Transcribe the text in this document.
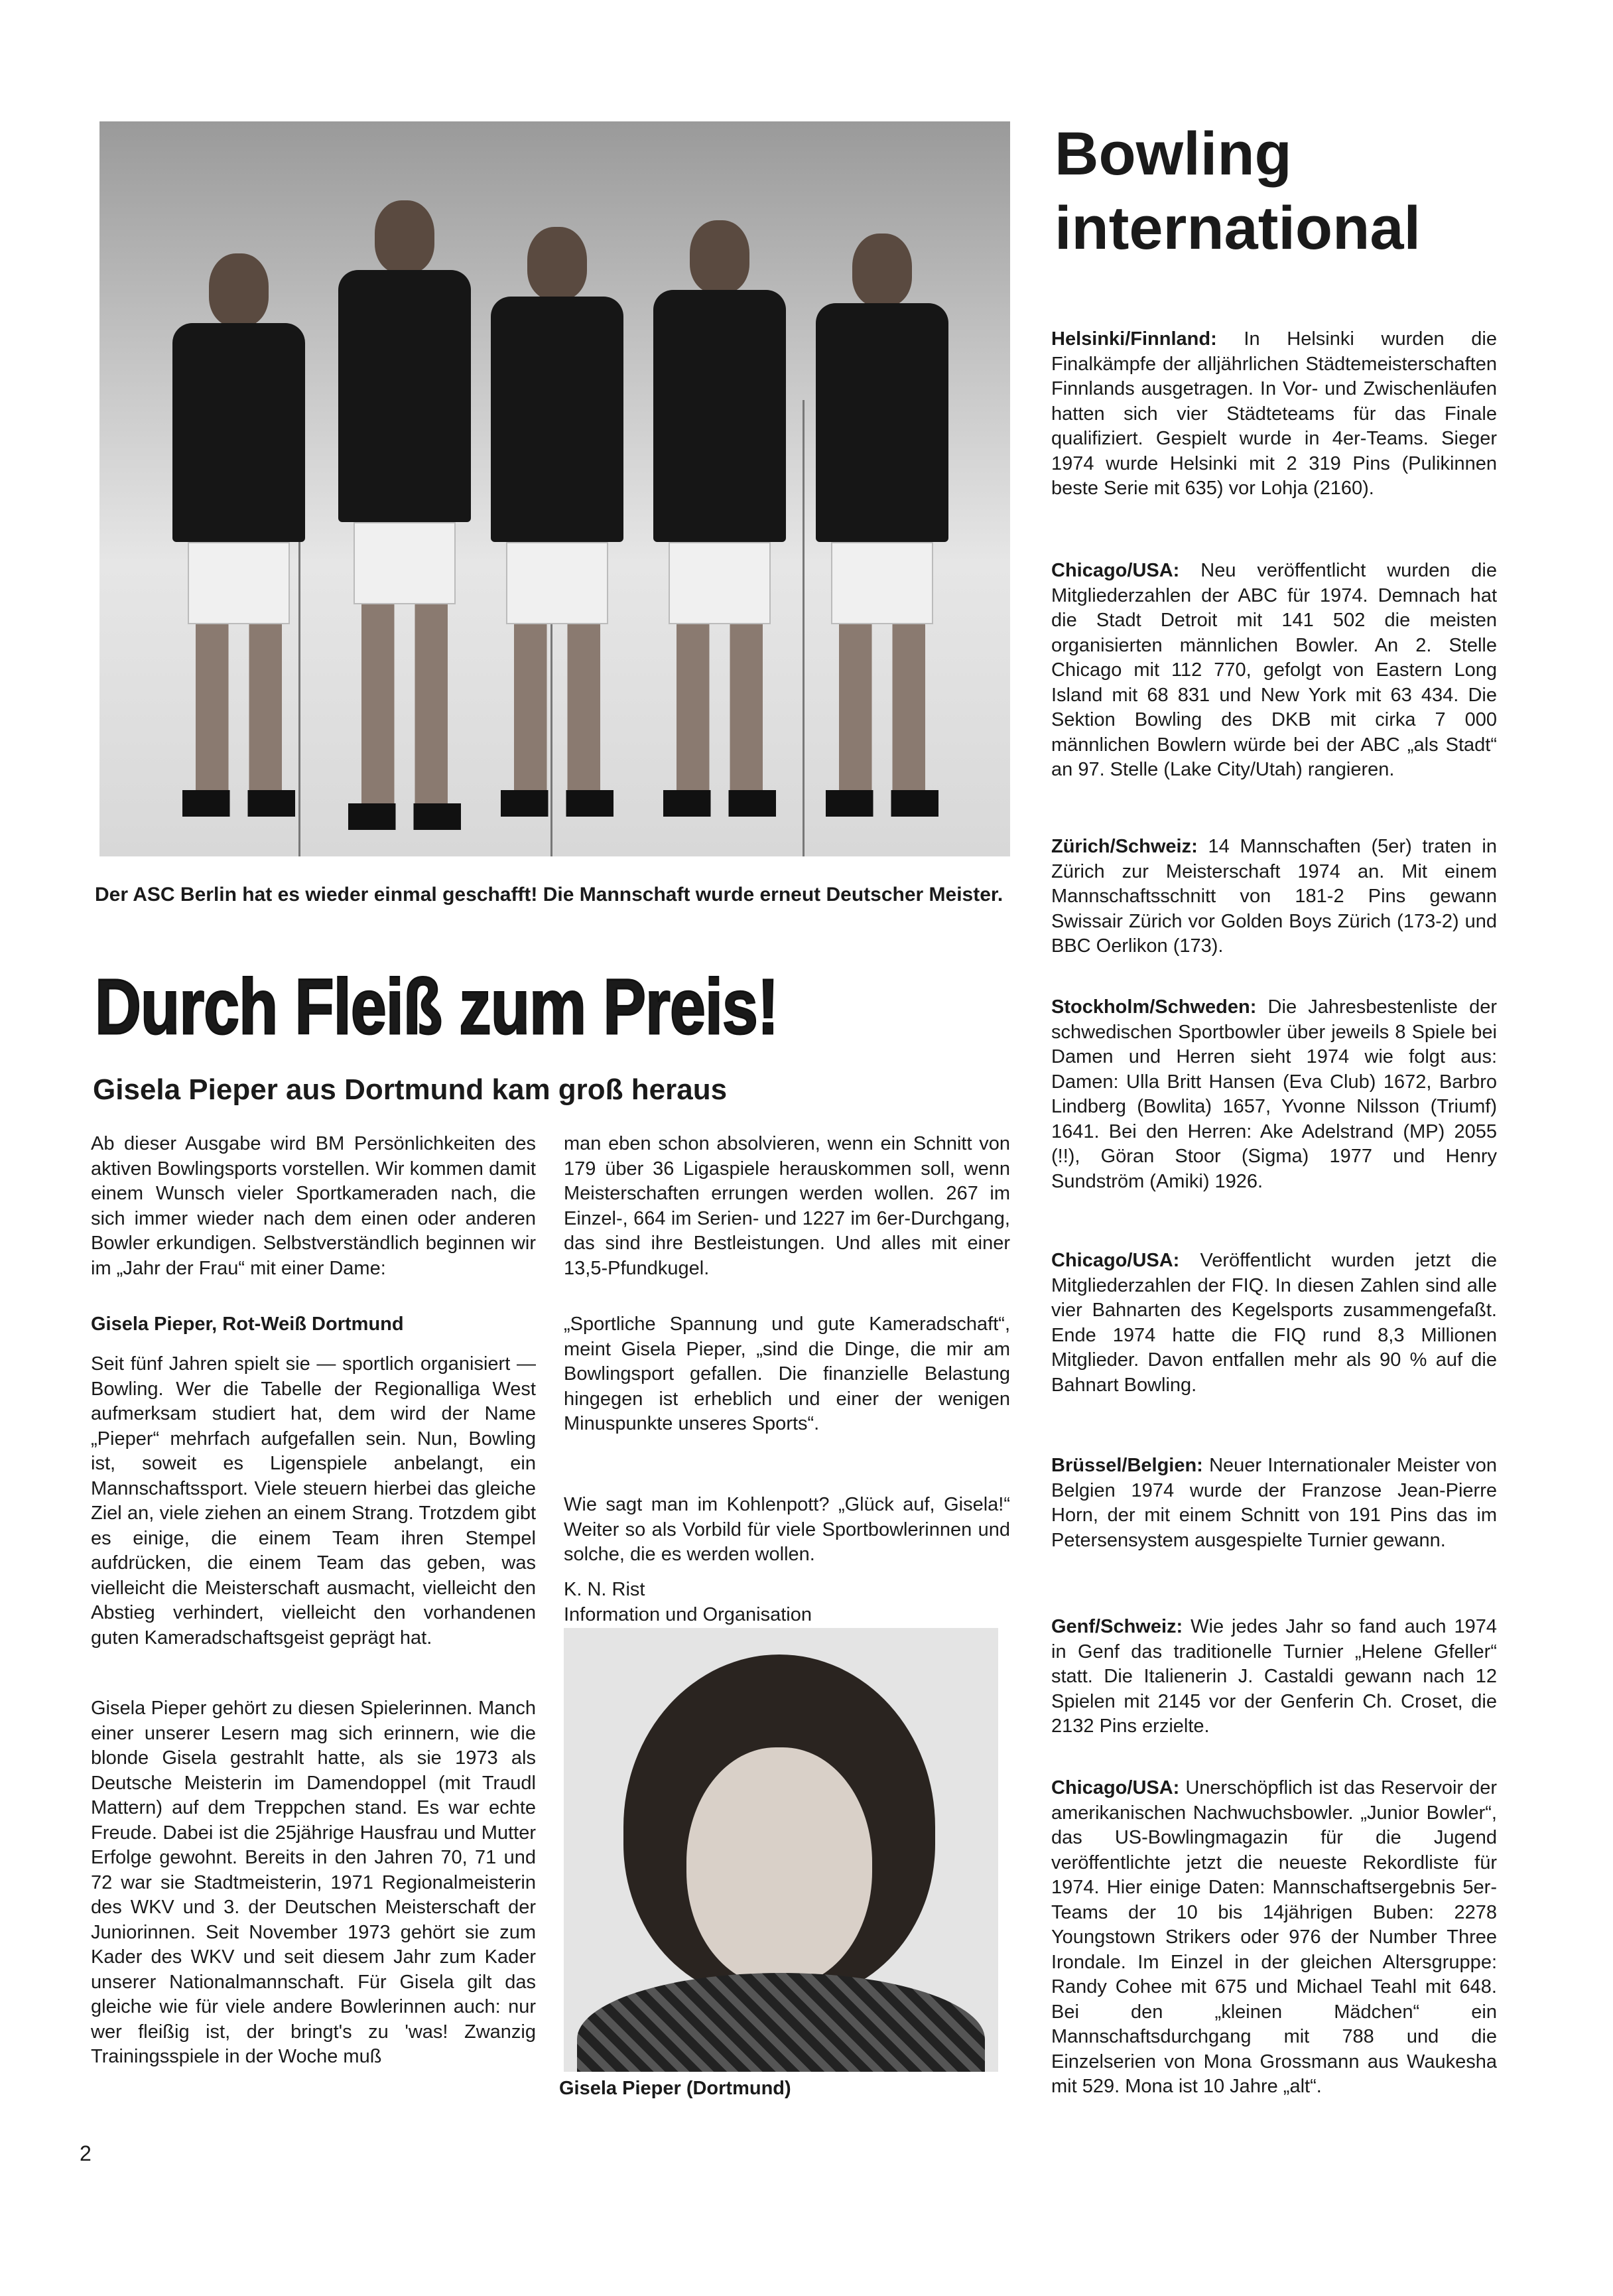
Der ASC Berlin hat es wieder einmal geschafft! Die Mannschaft wurde erneut Deutscher Meister.

Durch Fleiß zum Preis!
Gisela Pieper aus Dortmund kam groß heraus

Ab dieser Ausgabe wird BM Persönlichkeiten des aktiven Bowlingsports vorstellen. Wir kommen damit einem Wunsch vieler Sportkameraden nach, die sich immer wieder nach dem einen oder anderen Bowler erkundigen. Selbstverständlich beginnen wir im „Jahr der Frau“ mit einer Dame:

Gisela Pieper, Rot-Weiß Dortmund

Seit fünf Jahren spielt sie — sportlich organisiert — Bowling. Wer die Tabelle der Regionalliga West aufmerksam studiert hat, dem wird der Name „Pieper“ mehrfach aufgefallen sein. Nun, Bowling ist, soweit es Ligenspiele anbelangt, ein Mannschaftssport. Viele steuern hierbei das gleiche Ziel an, viele ziehen an einem Strang. Trotzdem gibt es einige, die einem Team ihren Stempel aufdrücken, die einem Team das geben, was vielleicht die Meisterschaft ausmacht, vielleicht den Abstieg verhindert, vielleicht den vorhandenen guten Kameradschaftsgeist geprägt hat.

Gisela Pieper gehört zu diesen Spielerinnen. Manch einer unserer Lesern mag sich erinnern, wie die blonde Gisela gestrahlt hatte, als sie 1973 als Deutsche Meisterin im Damendoppel (mit Traudl Mattern) auf dem Treppchen stand. Es war echte Freude. Dabei ist die 25jährige Hausfrau und Mutter Erfolge gewohnt. Bereits in den Jahren 70, 71 und 72 war sie Stadtmeisterin, 1971 Regionalmeisterin des WKV und 3. der Deutschen Meisterschaft der Juniorinnen. Seit November 1973 gehört sie zum Kader des WKV und seit diesem Jahr zum Kader unserer Nationalmannschaft. Für Gisela gilt das gleiche wie für viele andere Bowlerinnen auch: nur wer fleißig ist, der bringt's zu 'was! Zwanzig Trainingsspiele in der Woche muß

man eben schon absolvieren, wenn ein Schnitt von 179 über 36 Ligaspiele herauskommen soll, wenn Meisterschaften errungen werden wollen. 267 im Einzel-, 664 im Serien- und 1227 im 6er-Durchgang, das sind ihre Bestleistungen. Und alles mit einer 13,5-Pfundkugel.

„Sportliche Spannung und gute Kameradschaft“, meint Gisela Pieper, „sind die Dinge, die mir am Bowlingsport gefallen. Die finanzielle Belastung hingegen ist erheblich und einer der wenigen Minuspunkte unseres Sports“.

Wie sagt man im Kohlenpott? „Glück auf, Gisela!“ Weiter so als Vorbild für viele Sportbowlerinnen und solche, die es werden wollen.

K. N. Rist

Information und Organisation

Gisela Pieper (Dortmund)

Bowling international

Helsinki/Finnland: In Helsinki wurden die Finalkämpfe der alljährlichen Städtemeisterschaften Finnlands ausgetragen. In Vor- und Zwischenläufen hatten sich vier Städteteams für das Finale qualifiziert. Gespielt wurde in 4er-Teams. Sieger 1974 wurde Helsinki mit 2 319 Pins (Pulikinnen beste Serie mit 635) vor Lohja (2160).

Chicago/USA: Neu veröffentlicht wurden die Mitgliederzahlen der ABC für 1974. Demnach hat die Stadt Detroit mit 141 502 die meisten organisierten männlichen Bowler. An 2. Stelle Chicago mit 112 770, gefolgt von Eastern Long Island mit 68 831 und New York mit 63 434. Die Sektion Bowling des DKB mit cirka 7 000 männlichen Bowlern würde bei der ABC „als Stadt“ an 97. Stelle (Lake City/Utah) rangieren.

Zürich/Schweiz: 14 Mannschaften (5er) traten in Zürich zur Meisterschaft 1974 an. Mit einem Mannschaftsschnitt von 181-2 Pins gewann Swissair Zürich vor Golden Boys Zürich (173-2) und BBC Oerlikon (173).

Stockholm/Schweden: Die Jahresbestenliste der schwedischen Sportbowler über jeweils 8 Spiele bei Damen und Herren sieht 1974 wie folgt aus: Damen: Ulla Britt Hansen (Eva Club) 1672, Barbro Lindberg (Bowlita) 1657, Yvonne Nilsson (Triumf) 1641. Bei den Herren: Ake Adelstrand (MP) 2055 (!!), Göran Stoor (Sigma) 1977 und Henry Sundström (Amiki) 1926.

Chicago/USA: Veröffentlicht wurden jetzt die Mitgliederzahlen der FIQ. In diesen Zahlen sind alle vier Bahnarten des Kegelsports zusammengefaßt. Ende 1974 hatte die FIQ rund 8,3 Millionen Mitglieder. Davon entfallen mehr als 90 % auf die Bahnart Bowling.

Brüssel/Belgien: Neuer Internationaler Meister von Belgien 1974 wurde der Franzose Jean-Pierre Horn, der mit einem Schnitt von 191 Pins das im Petersensystem ausgespielte Turnier gewann.

Genf/Schweiz: Wie jedes Jahr so fand auch 1974 in Genf das traditionelle Turnier „Helene Gfeller“ statt. Die Italienerin J. Castaldi gewann nach 12 Spielen mit 2145 vor der Genferin Ch. Croset, die 2132 Pins erzielte.

Chicago/USA: Unerschöpflich ist das Reservoir der amerikanischen Nachwuchsbowler. „Junior Bowler“, das US-Bowlingmagazin für die Jugend veröffentlichte jetzt die neueste Rekordliste für 1974. Hier einige Daten: Mannschaftsergebnis 5er-Teams der 10 bis 14jährigen Buben: 2278 Youngstown Strikers oder 976 der Number Three Irondale. Im Einzel in der gleichen Altersgruppe: Randy Cohee mit 675 und Michael Teahl mit 648. Bei den „kleinen Mädchen“ ein Mannschaftsdurchgang mit 788 und die Einzelserien von Mona Grossmann aus Waukesha mit 529. Mona ist 10 Jahre „alt“.

2
